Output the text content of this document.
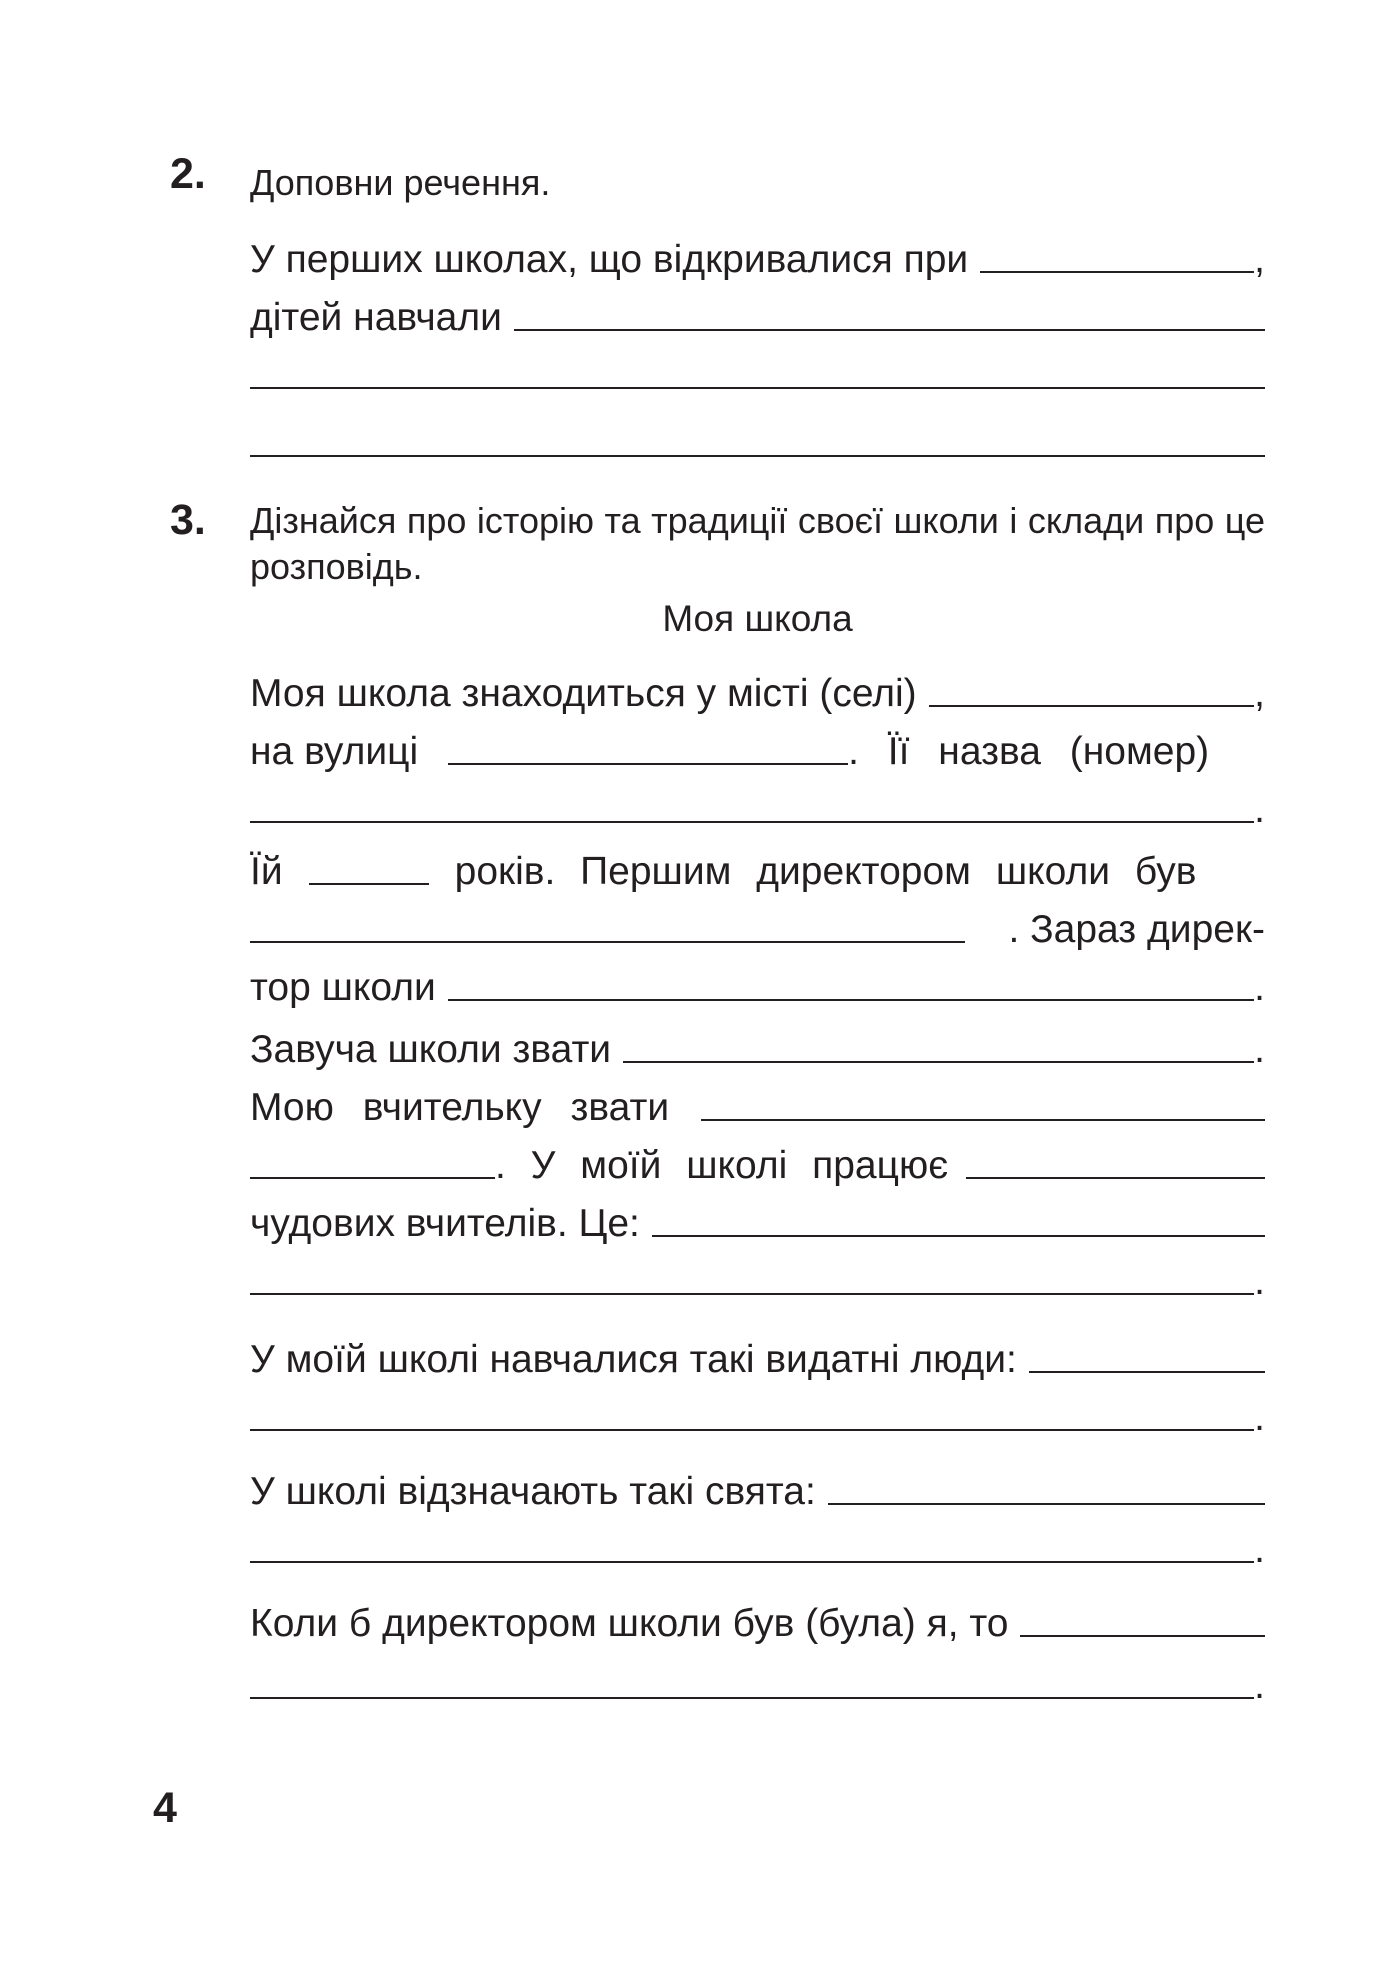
2. Доповни речення.
У перших школах, що відкривалися при	,
дітей навчали
3. Дізнайся про історію та традиції своєї школи і склади про це розповідь.
Моя школа
Моя школа знаходиться у місті (селі)	,
на вулиці	. Її назва (номер)
.
Їй	років. Першим директором школи був
. Зараз дирек-
тор школи	.
Завуча школи звати	.
Мою вчительку звати
. У моїй школі працює
чудових вчителів. Це:
.
У моїй школі навчалися такі видатні люди:
.
У школі відзначають такі свята:
.
Коли б директором школи був (була) я, то
.
4
